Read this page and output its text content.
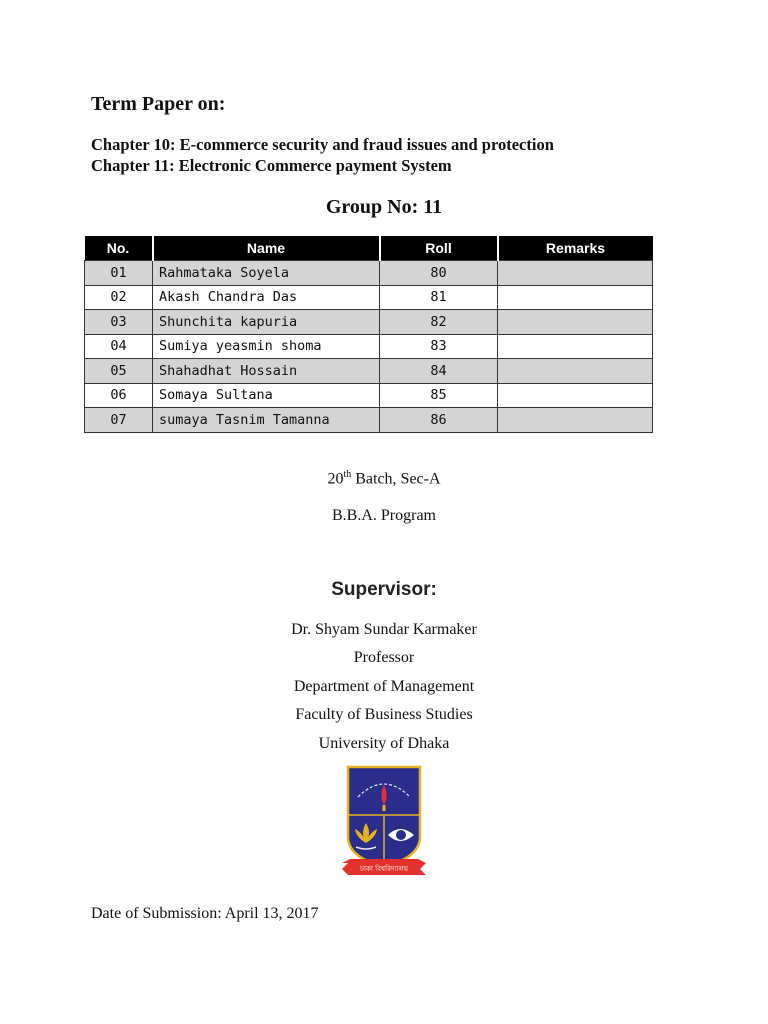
Term Paper on:
Chapter 10: E-commerce security and fraud issues and protection
Chapter 11: Electronic Commerce payment System
Group No: 11
No.	Name	Roll	Remarks
01	Rahmataka Soyela	80	
02	Akash Chandra Das	81	
03	Shunchita kapuria	82	
04	Sumiya yeasmin shoma	83	
05	Shahadhat Hossain	84	
06	Somaya Sultana	85	
07	sumaya Tasnim Tamanna	86	
20th Batch, Sec-A
B.B.A. Program
Supervisor:
Dr. Shyam Sundar Karmaker
Professor
Department of Management
Faculty of Business Studies
University of Dhaka
ঢাকা বিশ্ববিদ্যালয়
Date of Submission: April 13, 2017
